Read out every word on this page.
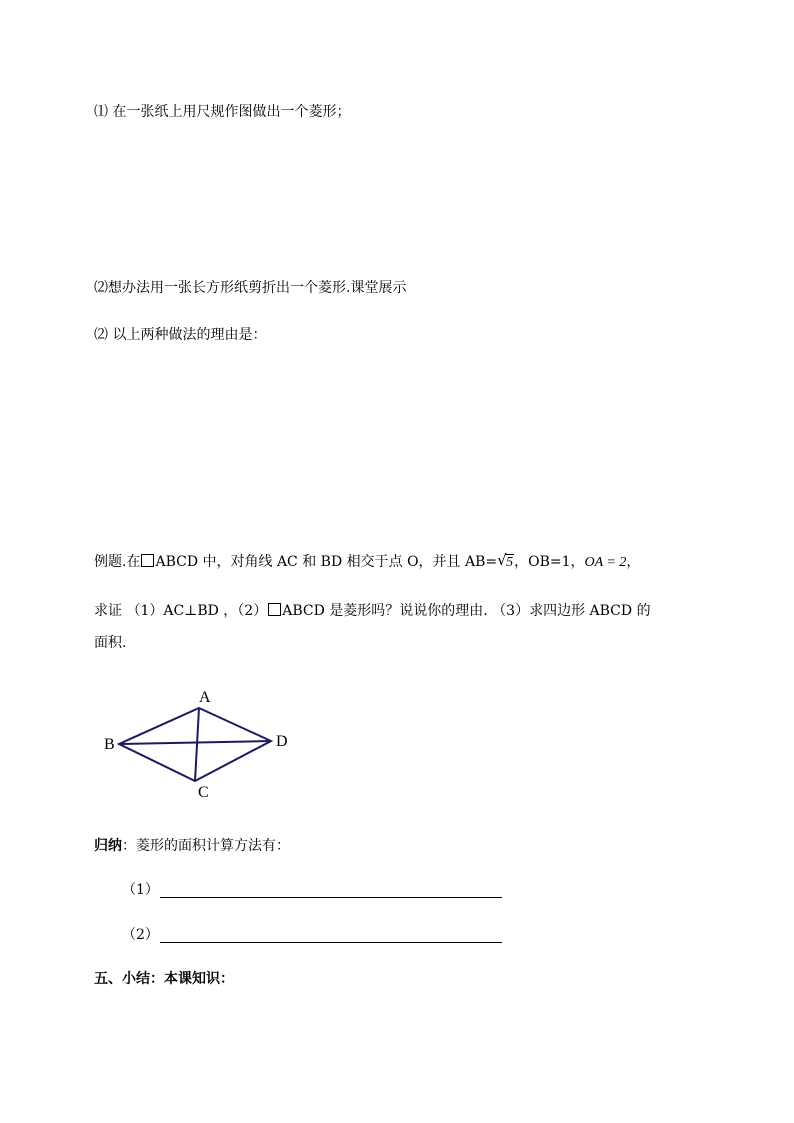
⑴ 在一张纸上用尺规作图做出一个菱形；
⑵想办法用一张长方形纸剪折出一个菱形.课堂展示
⑵ 以上两种做法的理由是：
例题.在 ABCD 中，对角线 AC 和 BD 相交于点 O，并且 AB= √ 5，OB=1，OA = 2，
求证 （1）AC⊥BD ，（2） ABCD 是菱形吗？说说你的理由. （3）求四边形 ABCD 的
面积.
A
B
C
D
归纳：菱形的面积计算方法有：
（1）
（2）
五、小结：本课知识：
